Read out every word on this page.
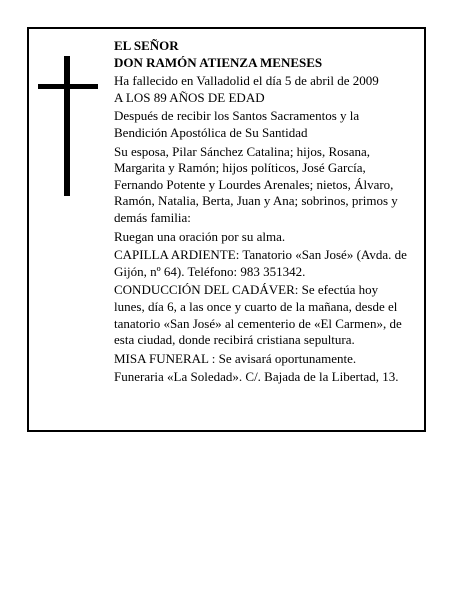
EL SEÑOR

DON RAMÓN ATIENZA MENESES

Ha fallecido en Valladolid el día 5 de abril de 2009

A LOS 89 AÑOS DE EDAD

Después de recibir los Santos Sacramentos y la

Bendición Apostólica de Su Santidad

Su esposa, Pilar Sánchez Catalina; hijos, Rosana,

Margarita y Ramón; hijos políticos, José García,

Fernando Potente y Lourdes Arenales; nietos, Álvaro,

Ramón, Natalia, Berta, Juan y Ana; sobrinos, primos y

demás familia:

Ruegan una oración por su alma.

CAPILLA ARDIENTE: Tanatorio «San José» (Avda. de

Gijón, nº 64). Teléfono: 983 351342.

CONDUCCIÓN DEL CADÁVER: Se efectúa hoy

lunes, día 6, a las once y cuarto de la mañana, desde el

tanatorio «San José» al cementerio de «El Carmen», de

esta ciudad, donde recibirá cristiana sepultura.

MISA FUNERAL : Se avisará oportunamente.

Funeraria «La Soledad». C/. Bajada de la Libertad, 13.
